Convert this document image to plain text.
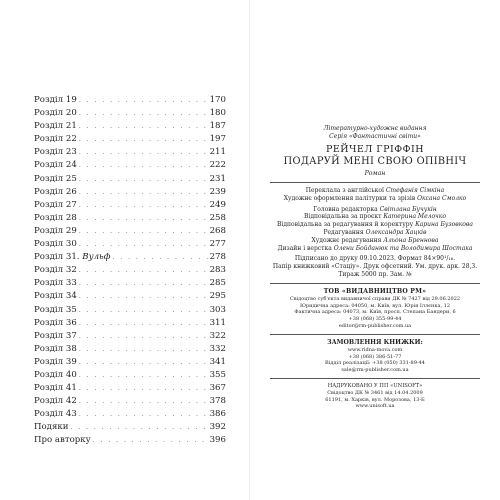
Розділ 19 . . .	170
Розділ 20 . . .	180
Розділ 21 . . .	187
Розділ 22 . . .	197
Розділ 23 . . .	211
Розділ 24 . . .	222
Розділ 25 . . .	231
Розділ 26 . . .	239
Розділ 27 . . .	249
Розділ 28 . . .	258
Розділ 29 . . .	268
Розділ 30 . . .	277
Розділ 31. Вульф . . .	278
Розділ 32 . . .	283
Розділ 33 . . .	285
Розділ 34 . . .	295
Розділ 35 . . .	303
Розділ 36 . . .	311
Розділ 37 . . .	322
Розділ 38 . . .	332
Розділ 39 . . .	341
Розділ 40 . . .	355
Розділ 41 . . .	367
Розділ 42 . . .	378
Розділ 43 . . .	386
Подяки . . .	392
Про авторку . . .	396
Літературно-художнє видання
Серія «Фантастичні світи»
РЕЙЧЕЛ ГРІФФІН
ПОДАРУЙ МЕНІ СВОЮ ОПІВНІЧ
Роман
Переклала з англійської Стефанія Сімкіна
Художнє оформлення палітурки та зрізів Оксана Смолко
Головна редакторка Свiтлана Бучукiн
Відповідальна за проєкт Катерина Мелочко
Відповідальна за редагування й коректуру Карина Бузовкова
Редагування Олександра Хацкiв
Художнє редагування Альона Бреннова
Дизайн і верстка Олени Бойданюк та Володимира Шостака
Підписано до друку 09.10.2023. Формат 84×90¹/₁₆.
Папір книжковий «Стацiу». Друк офсетний. Ум. друк. арк. 28,3.
Тираж 5000 пр. Зам. №
ТОВ «ВИДАВНИЦТВО РМ»
Свідоцтво суб'єкта видавничої справи ДК № 7427 від 29.06.2022
Юридична адреса: 04050, м. Київ, вул. Юрія Іллєнка, 12
Фактична адреса: 04073, м. Київ, просп. Степана Бандери, 6
+38 (068) 355-99-44
editor@rm-publisher.com.ua
ЗАМОВЛЕННЯ КНИЖКИ:
www.ridna-mova.com
+38 (068) 386-51-77
Відділ реалізації: +38 (050) 331-89-44
sale@rm-publisher.com.ua
НАДРУКОВАНО У ПП «UNISOFT»
Свідоцтво ДК № 3461 від 14.04.2009
61191, м. Харків, вул. Морозова, 13-Б
www.unisoft.ua
